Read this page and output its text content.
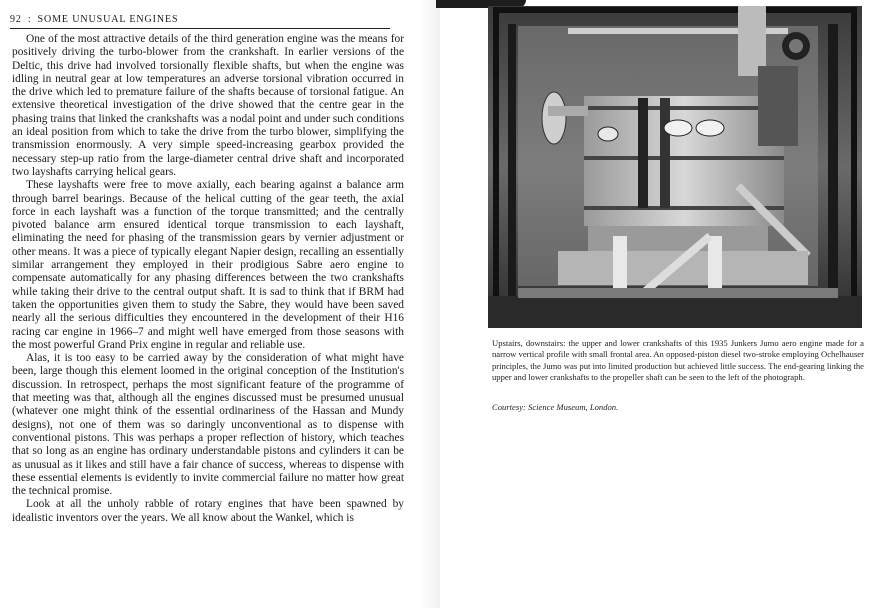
92 : SOME UNUSUAL ENGINES

One of the most attractive details of the third generation engine was the means for positively driving the turbo-blower from the crankshaft. In earlier versions of the Deltic, this drive had involved torsionally flexible shafts, but when the engine was idling in neutral gear at low temperatures an adverse torsional vibration occurred in the drive which led to premature failure of the shafts because of torsional fatigue. An extensive theoretical investigation of the drive showed that the centre gear in the phasing trains that linked the crankshafts was a nodal point and under such conditions an ideal position from which to take the drive from the turbo blower, simplifying the transmission enormously. A very simple speed-increasing gearbox provided the necessary step-up ratio from the large-diameter central drive shaft and incorporated two layshafts carrying helical gears.

These layshafts were free to move axially, each bearing against a balance arm through barrel bearings. Because of the helical cutting of the gear teeth, the axial force in each layshaft was a function of the torque transmitted; and the centrally pivoted balance arm ensured identical torque transmission to each layshaft, eliminating the need for phasing of the transmission gears by vernier adjustment or other means. It was a piece of typically elegant Napier design, recalling an essentially similar arrangement they employed in their prodigious Sabre aero engine to compensate automatically for any phasing differences between the two crankshafts while taking their drive to the central output shaft. It is sad to think that if BRM had taken the opportunities given them to study the Sabre, they would have been saved nearly all the serious difficulties they encountered in the development of their H16 racing car engine in 1966–7 and might well have emerged from those seasons with the most powerful Grand Prix engine in regular and reliable use.

Alas, it is too easy to be carried away by the consideration of what might have been, large though this element loomed in the original conception of the Institution's discussion. In retrospect, perhaps the most significant feature of the programme of that meeting was that, although all the engines discussed must be presumed unusual (whatever one might think of the essential ordinariness of the Hassan and Mundy designs), not one of them was so daringly unconventional as to dispense with conventional pistons. This was perhaps a proper reflection of history, which teaches that so long as an engine has ordinary understandable pistons and cylinders it can be as unusual as it likes and still have a fair chance of success, whereas to dispense with these essential elements is evidently to invite commercial failure no matter how great the technical promise.

Look at all the unholy rabble of rotary engines that have been spawned by idealistic inventors over the years. We all know about the Wankel, which is

Upstairs, downstairs: the upper and lower crankshafts of this 1935 Junkers Jumo aero engine made for a narrow vertical profile with small frontal area. An opposed-piston diesel two-stroke employing Ochelhauser principles, the Jumo was put into limited production but achieved little success. The end-gearing linking the upper and lower crankshafts to the propeller shaft can be seen to the left of the photograph.

Courtesy: Science Museum, London.
